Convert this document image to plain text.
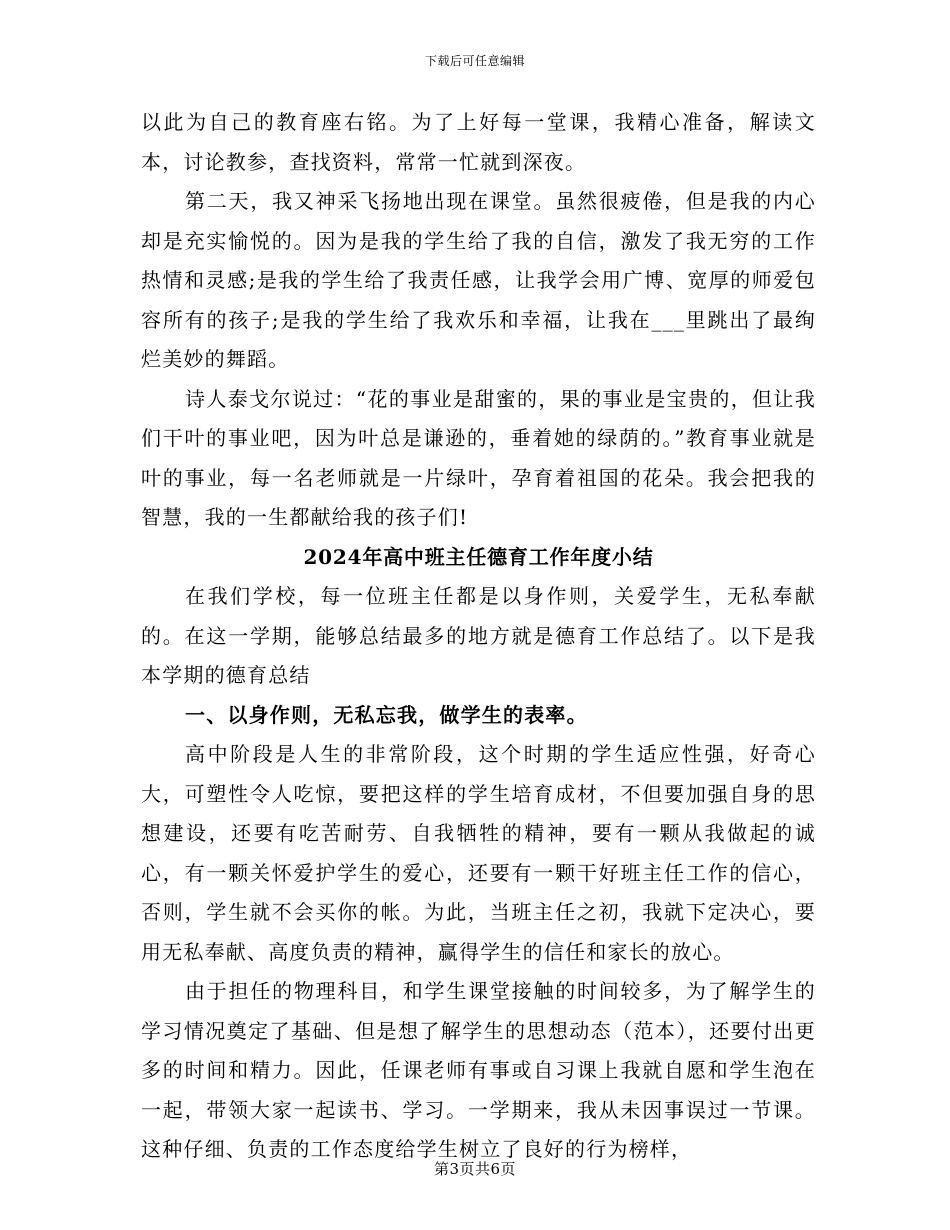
下载后可任意编辑

以此为自己的教育座右铭。为了上好每一堂课，我精心准备，解读文本，讨论教参，查找资料，常常一忙就到深夜。

第二天，我又神采飞扬地出现在课堂。虽然很疲倦，但是我的内心却是充实愉悦的。因为是我的学生给了我的自信，激发了我无穷的工作热情和灵感;是我的学生给了我责任感，让我学会用广博、宽厚的师爱包容所有的孩子;是我的学生给了我欢乐和幸福，让我在___里跳出了最绚烂美妙的舞蹈。

诗人泰戈尔说过：“花的事业是甜蜜的，果的事业是宝贵的，但让我们干叶的事业吧，因为叶总是谦逊的，垂着她的绿荫的。”教育事业就是叶的事业，每一名老师就是一片绿叶，孕育着祖国的花朵。我会把我的智慧，我的一生都献给我的孩子们!

2024年高中班主任德育工作年度小结

在我们学校，每一位班主任都是以身作则，关爱学生，无私奉献的。在这一学期，能够总结最多的地方就是德育工作总结了。以下是我本学期的德育总结

一、以身作则，无私忘我，做学生的表率。

高中阶段是人生的非常阶段，这个时期的学生适应性强，好奇心大，可塑性令人吃惊，要把这样的学生培育成材，不但要加强自身的思想建设，还要有吃苦耐劳、自我牺牲的精神，要有一颗从我做起的诚心，有一颗关怀爱护学生的爱心，还要有一颗干好班主任工作的信心，否则，学生就不会买你的帐。为此，当班主任之初，我就下定决心，要用无私奉献、高度负责的精神，赢得学生的信任和家长的放心。

由于担任的物理科目，和学生课堂接触的时间较多，为了解学生的学习情况奠定了基础、但是想了解学生的思想动态（范本），还要付出更多的时间和精力。因此，任课老师有事或自习课上我就自愿和学生泡在一起，带领大家一起读书、学习。一学期来，我从未因事误过一节课。这种仔细、负责的工作态度给学生树立了良好的行为榜样，

第3页共6页
